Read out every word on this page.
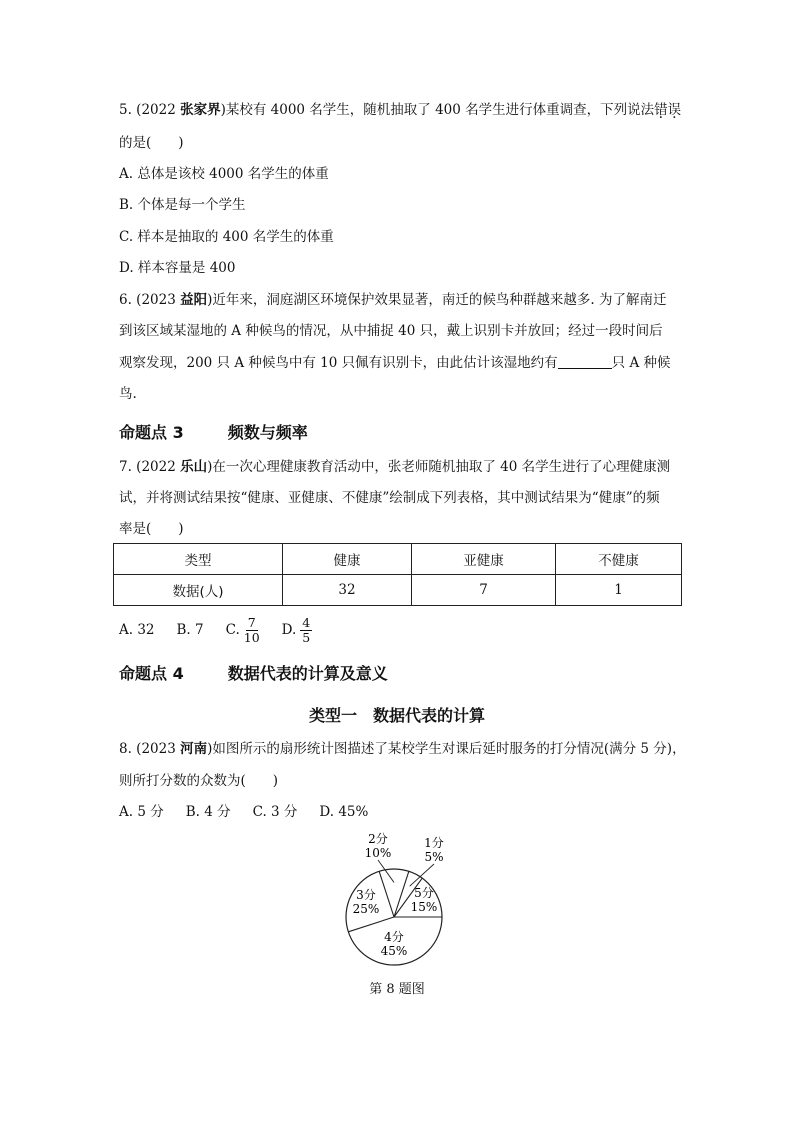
5. (2022 张家界)某校有 4000 名学生，随机抽取了 400 名学生进行体重调查，下列说法错误
的是(　　)
A. 总体是该校 4000 名学生的体重
B. 个体是每一个学生
C. 样本是抽取的 400 名学生的体重
D. 样本容量是 400
6. (2023 益阳)近年来，洞庭湖区环境保护效果显著，南迁的候鸟种群越来越多. 为了解南迁
到该区域某湿地的 A 种候鸟的情况，从中捕捉 40 只，戴上识别卡并放回；经过一段时间后
观察发现，200 只 A 种候鸟中有 10 只佩有识别卡，由此估计该湿地约有	只 A 种候
鸟.
命题点 3	频数与频率
7. (2022 乐山)在一次心理健康教育活动中，张老师随机抽取了 40 名学生进行了心理健康测
试，并将测试结果按“健康、亚健康、不健康”绘制成下列表格，其中测试结果为“健康”的频
率是(　　)
类型	健康	亚健康	不健康
数据(人)	32	7	1
A. 32 B. 7 C. $\frac{7}{10} D$. $\frac{4}{5}$
命题点 4	数据代表的计算及意义
类型一　数据代表的计算
8. (2023 河南)如图所示的扇形统计图描述了某校学生对课后延时服务的打分情况(满分 5 分)，
则所打分数的众数为(　　)
A. 5 分 B. 4 分 C. 3 分 D. 45%
1分
5%
5分
15%
4分
45%
3分
25%
2分
10%
第 8 题图
